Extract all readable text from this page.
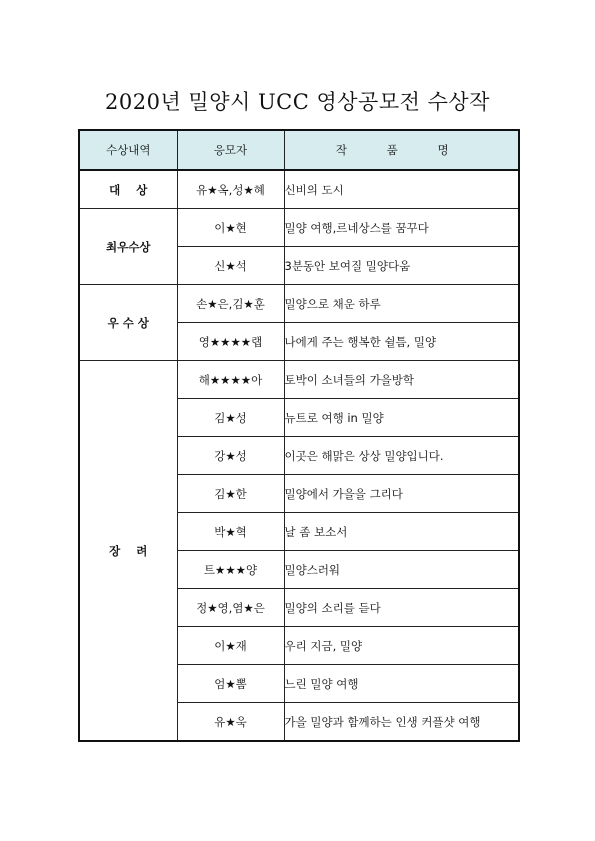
2020년 밀양시 UCC 영상공모전 수상작
수상내역	응모자	작 품 명
대    상	유★옥,성★혜	신비의 도시
최우수상	이★현	밀양 여행,르네상스를 꿈꾸다
	신★석	3분동안 보여질 밀양다움
우 수 상	손★은,김★훈	밀양으로 채운 하루
	영★★★★랩	나에게 주는 행복한 쉴틈, 밀양
장    려	해★★★★아	토박이 소녀들의 가을방학
	김★성	뉴트로 여행 in 밀양
	강★성	이곳은 해맑은 상상 밀양입니다.
	김★한	밀양에서 가을을 그리다
	박★혁	날 좀 보소서
	트★★★양	밀양스러워
	정★영,염★은	밀양의 소리를 듣다
	이★재	우리 지금, 밀양
	엄★뽐	느린 밀양 여행
	유★욱	가을 밀양과 함께하는 인생 커플샷 여행
